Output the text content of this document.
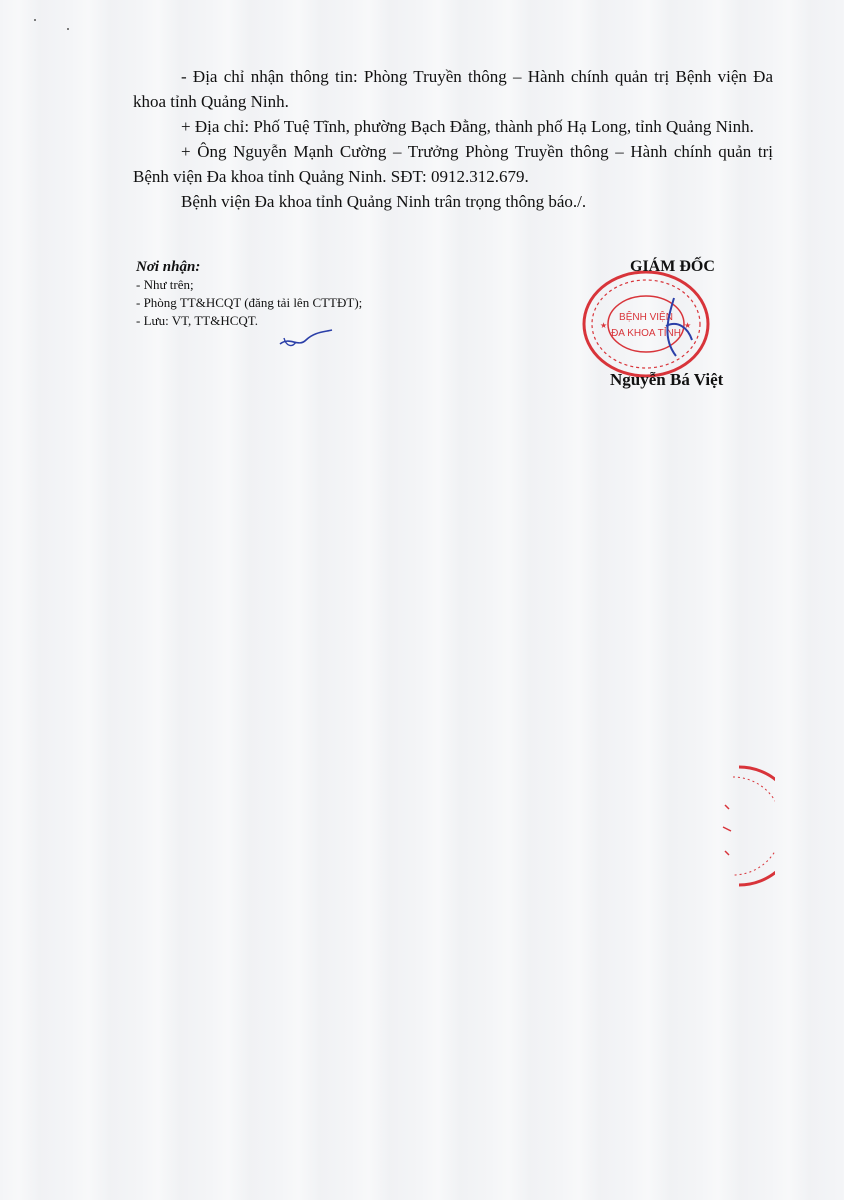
- Địa chỉ nhận thông tin: Phòng Truyền thông – Hành chính quản trị Bệnh viện Đa khoa tỉnh Quảng Ninh.

+ Địa chỉ: Phố Tuệ Tĩnh, phường Bạch Đằng, thành phố Hạ Long, tỉnh Quảng Ninh.

+ Ông Nguyễn Mạnh Cường – Trưởng Phòng Truyền thông – Hành chính quản trị Bệnh viện Đa khoa tỉnh Quảng Ninh. SĐT: 0912.312.679.

Bệnh viện Đa khoa tỉnh Quảng Ninh trân trọng thông báo./.

Nơi nhận:

- Như trên;

- Phòng TT&HCQT (đăng tải lên CTTĐT);

- Lưu: VT, TT&HCQT.	BỆNH VIỆN
ĐA KHOA TỈNH
★	★
GIÁM ĐỐC
Nguyễn Bá Việt
